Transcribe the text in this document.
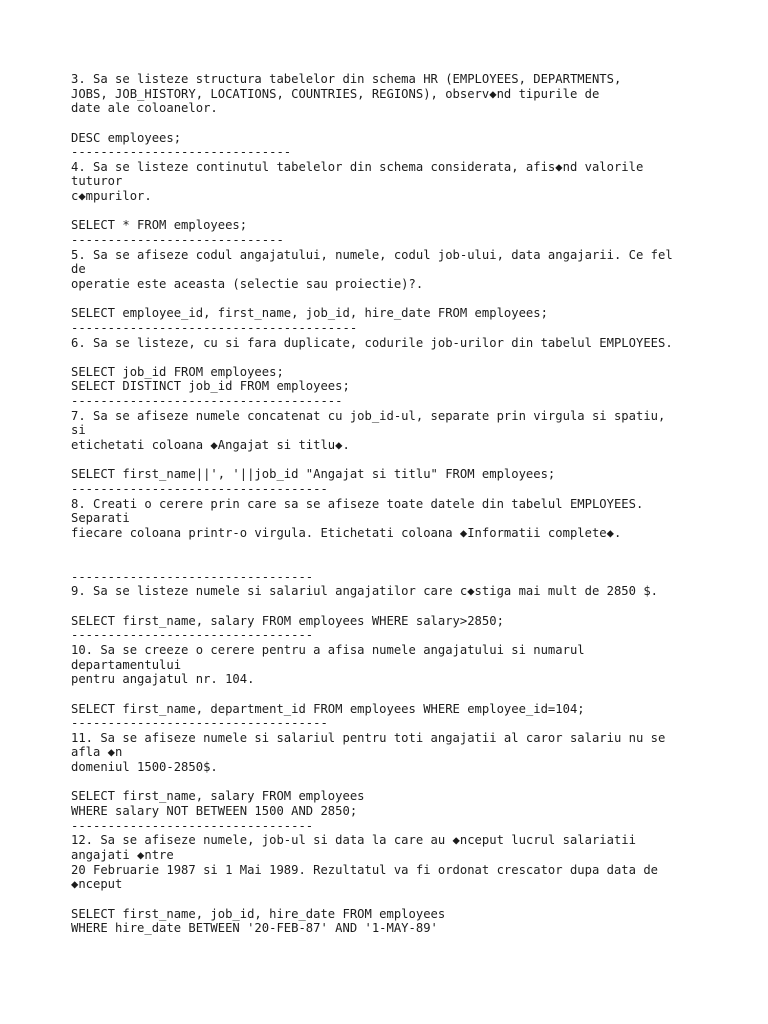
3. Sa se listeze structura tabelelor din schema HR (EMPLOYEES, DEPARTMENTS,
JOBS, JOB_HISTORY, LOCATIONS, COUNTRIES, REGIONS), observ◆nd tipurile de
date ale coloanelor.
DESC employees;
------------------------------
4. Sa se listeze continutul tabelelor din schema considerata, afis◆nd valorile
tuturor
c◆mpurilor.
SELECT * FROM employees;
-----------------------------
5. Sa se afiseze codul angajatului, numele, codul job-ului, data angajarii. Ce fel
de
operatie este aceasta (selectie sau proiectie)?.
SELECT employee_id, first_name, job_id, hire_date FROM employees;
---------------------------------------
6. Sa se listeze, cu si fara duplicate, codurile job-urilor din tabelul EMPLOYEES.
SELECT job_id FROM employees;
SELECT DISTINCT job_id FROM employees;
-------------------------------------
7. Sa se afiseze numele concatenat cu job_id-ul, separate prin virgula si spatiu,
si
etichetati coloana ◆Angajat si titlu◆.
SELECT first_name||', '||job_id "Angajat si titlu" FROM employees;
-----------------------------------
8. Creati o cerere prin care sa se afiseze toate datele din tabelul EMPLOYEES.
Separati
fiecare coloana printr-o virgula. Etichetati coloana ◆Informatii complete◆.
---------------------------------
9. Sa se listeze numele si salariul angajatilor care c◆stiga mai mult de 2850 $.
SELECT first_name, salary FROM employees WHERE salary>2850;
---------------------------------
10. Sa se creeze o cerere pentru a afisa numele angajatului si numarul
departamentului
pentru angajatul nr. 104.
SELECT first_name, department_id FROM employees WHERE employee_id=104;
-----------------------------------
11. Sa se afiseze numele si salariul pentru toti angajatii al caror salariu nu se
afla ◆n
domeniul 1500-2850$.
SELECT first_name, salary FROM employees
WHERE salary NOT BETWEEN 1500 AND 2850;
---------------------------------
12. Sa se afiseze numele, job-ul si data la care au ◆nceput lucrul salariatii
angajati ◆ntre
20 Februarie 1987 si 1 Mai 1989. Rezultatul va fi ordonat crescator dupa data de
◆nceput
SELECT first_name, job_id, hire_date FROM employees
WHERE hire_date BETWEEN '20-FEB-87' AND '1-MAY-89'
